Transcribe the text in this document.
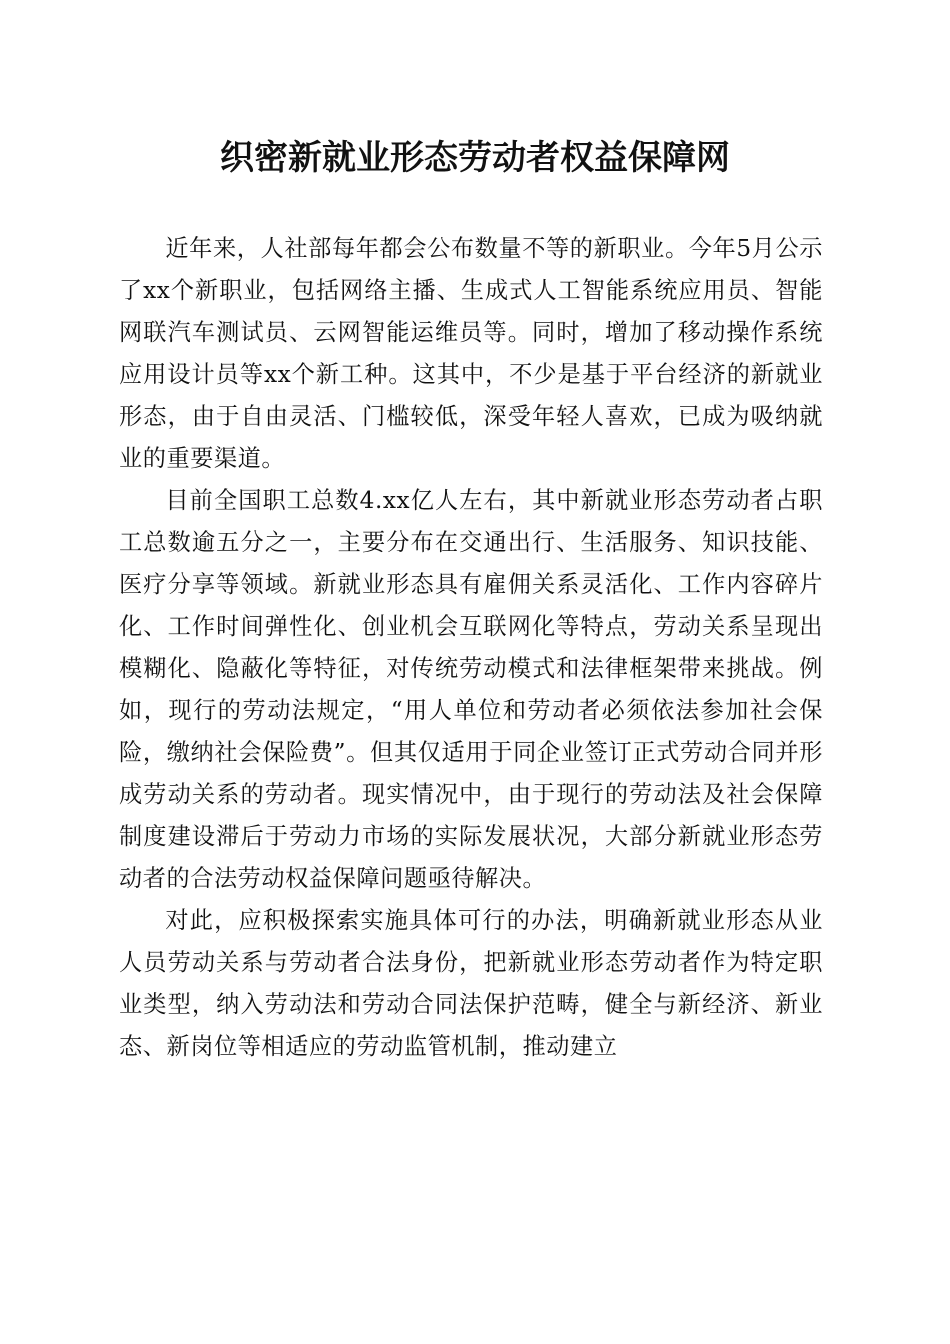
织密新就业形态劳动者权益保障网

近年来，人社部每年都会公布数量不等的新职业。今年5月公示了xx个新职业，包括网络主播、生成式人工智能系统应用员、智能网联汽车测试员、云网智能运维员等。同时，增加了移动操作系统应用设计员等xx个新工种。这其中，不少是基于平台经济的新就业形态，由于自由灵活、门槛较低，深受年轻人喜欢，已成为吸纳就业的重要渠道。

目前全国职工总数4.xx亿人左右，其中新就业形态劳动者占职工总数逾五分之一，主要分布在交通出行、生活服务、知识技能、医疗分享等领域。新就业形态具有雇佣关系灵活化、工作内容碎片化、工作时间弹性化、创业机会互联网化等特点，劳动关系呈现出模糊化、隐蔽化等特征，对传统劳动模式和法律框架带来挑战。例如，现行的劳动法规定，“用人单位和劳动者必须依法参加社会保险，缴纳社会保险费”。但其仅适用于同企业签订正式劳动合同并形成劳动关系的劳动者。现实情况中，由于现行的劳动法及社会保障制度建设滞后于劳动力市场的实际发展状况，大部分新就业形态劳动者的合法劳动权益保障问题亟待解决。

对此，应积极探索实施具体可行的办法，明确新就业形态从业人员劳动关系与劳动者合法身份，把新就业形态劳动者作为特定职业类型，纳入劳动法和劳动合同法保护范畴，健全与新经济、新业态、新岗位等相适应的劳动监管机制，推动建立
